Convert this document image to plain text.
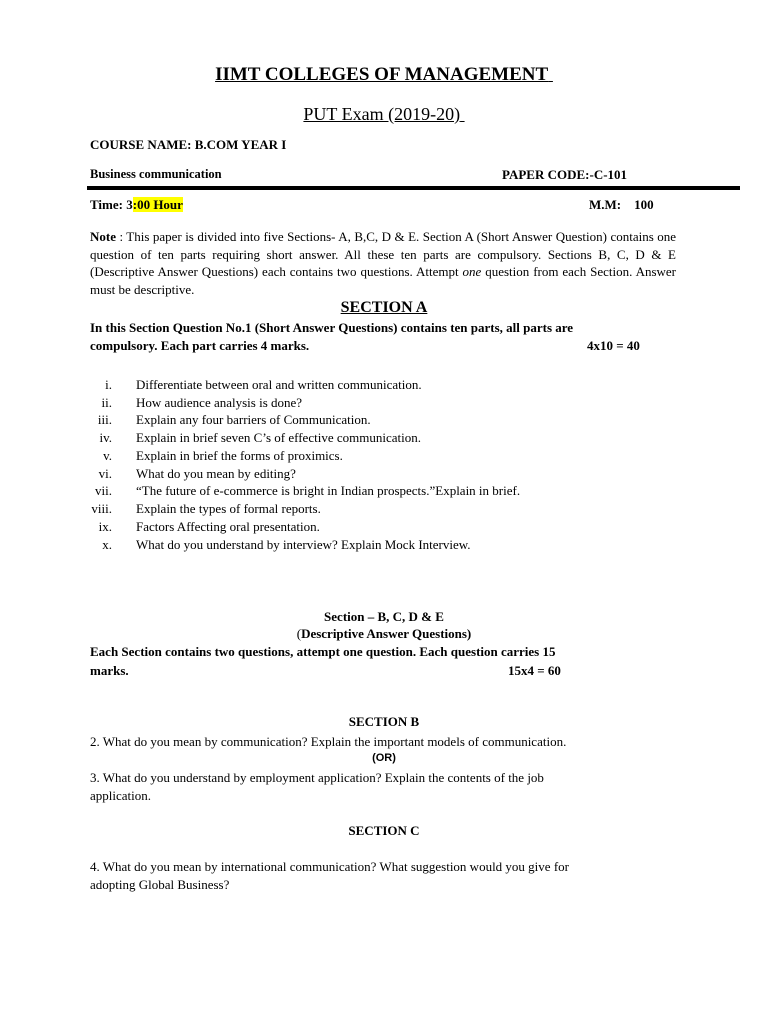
IIMT COLLEGES OF MANAGEMENT
PUT Exam (2019-20)
COURSE NAME: B.COM YEAR I
Business communication	PAPER CODE:-C-101
Time: 3:00 Hour	M.M: 100
Note : This paper is divided into five Sections- A, B,C, D & E. Section A (Short Answer Question) contains one question of ten parts requiring short answer. All these ten parts are compulsory. Sections B, C, D & E (Descriptive Answer Questions) each contains two questions. Attempt one question from each Section. Answer must be descriptive.
SECTION A
In this Section Question No.1 (Short Answer Questions) contains ten parts, all parts are
compulsory. Each part carries 4 marks.	4x10 = 40
i. Differentiate between oral and written communication.
ii. How audience analysis is done?
iii. Explain any four barriers of Communication.
iv. Explain in brief seven C’s of effective communication.
v. Explain in brief the forms of proximics.
vi. What do you mean by editing?
vii. “The future of e-commerce is bright in Indian prospects.”Explain in brief.
viii. Explain the types of formal reports.
ix. Factors Affecting oral presentation.
x. What do you understand by interview? Explain Mock Interview.
Section – B, C, D & E
(Descriptive Answer Questions)
Each Section contains two questions, attempt one question. Each question carries 15
marks.	15x4 = 60
SECTION B
2. What do you mean by communication? Explain the important models of communication.
(OR)
3. What do you understand by employment application? Explain the contents of the job
application.
SECTION C
4. What do you mean by international communication? What suggestion would you give for
adopting Global Business?
